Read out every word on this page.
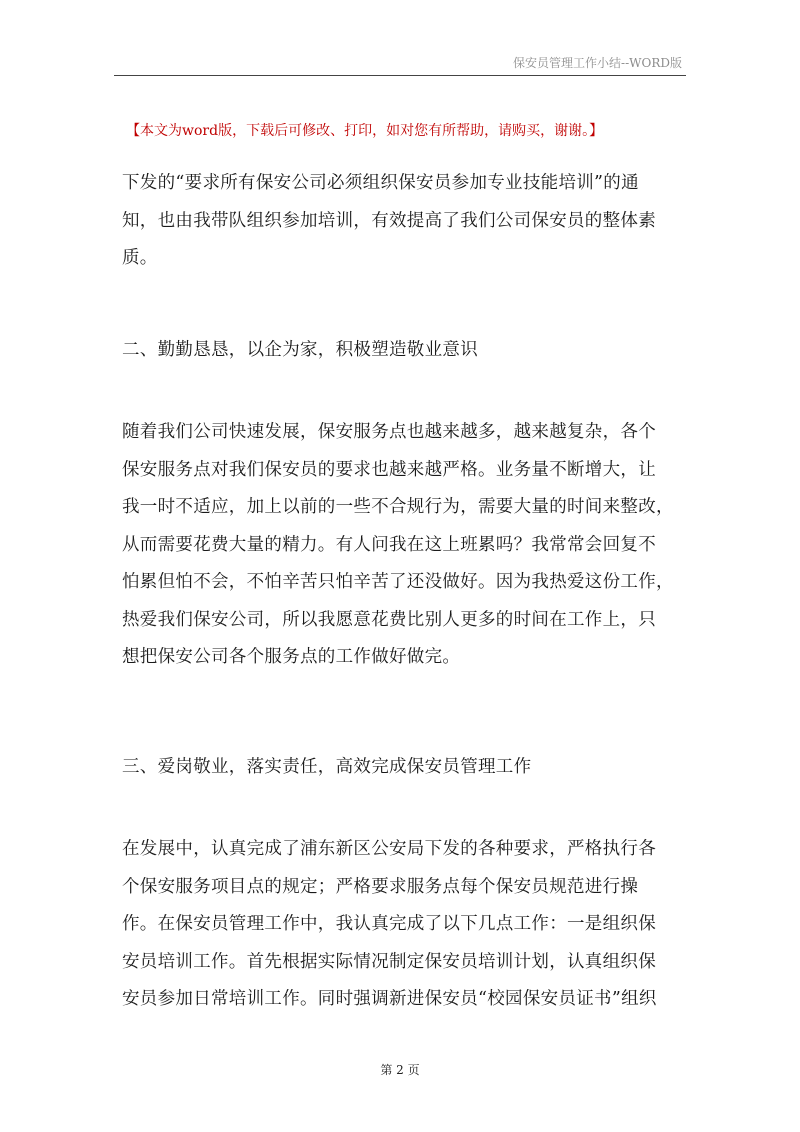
保安员管理工作小结--WORD版
【本文为word版，下载后可修改、打印，如对您有所帮助，请购买，谢谢。】
下发的“要求所有保安公司必须组织保安员参加专业技能培训”的通
知，也由我带队组织参加培训，有效提高了我们公司保安员的整体素
质。
二、勤勤恳恳，以企为家，积极塑造敬业意识
随着我们公司快速发展，保安服务点也越来越多，越来越复杂，各个
保安服务点对我们保安员的要求也越来越严格。业务量不断增大，让
我一时不适应，加上以前的一些不合规行为，需要大量的时间来整改，
从而需要花费大量的精力。有人问我在这上班累吗？我常常会回复不
怕累但怕不会，不怕辛苦只怕辛苦了还没做好。因为我热爱这份工作，
热爱我们保安公司，所以我愿意花费比别人更多的时间在工作上，只
想把保安公司各个服务点的工作做好做完。
三、爱岗敬业，落实责任，高效完成保安员管理工作
在发展中，认真完成了浦东新区公安局下发的各种要求，严格执行各
个保安服务项目点的规定；严格要求服务点每个保安员规范进行操
作。在保安员管理工作中，我认真完成了以下几点工作：一是组织保
安员培训工作。首先根据实际情况制定保安员培训计划，认真组织保
安员参加日常培训工作。同时强调新进保安员“校园保安员证书”组织
第 2 页
